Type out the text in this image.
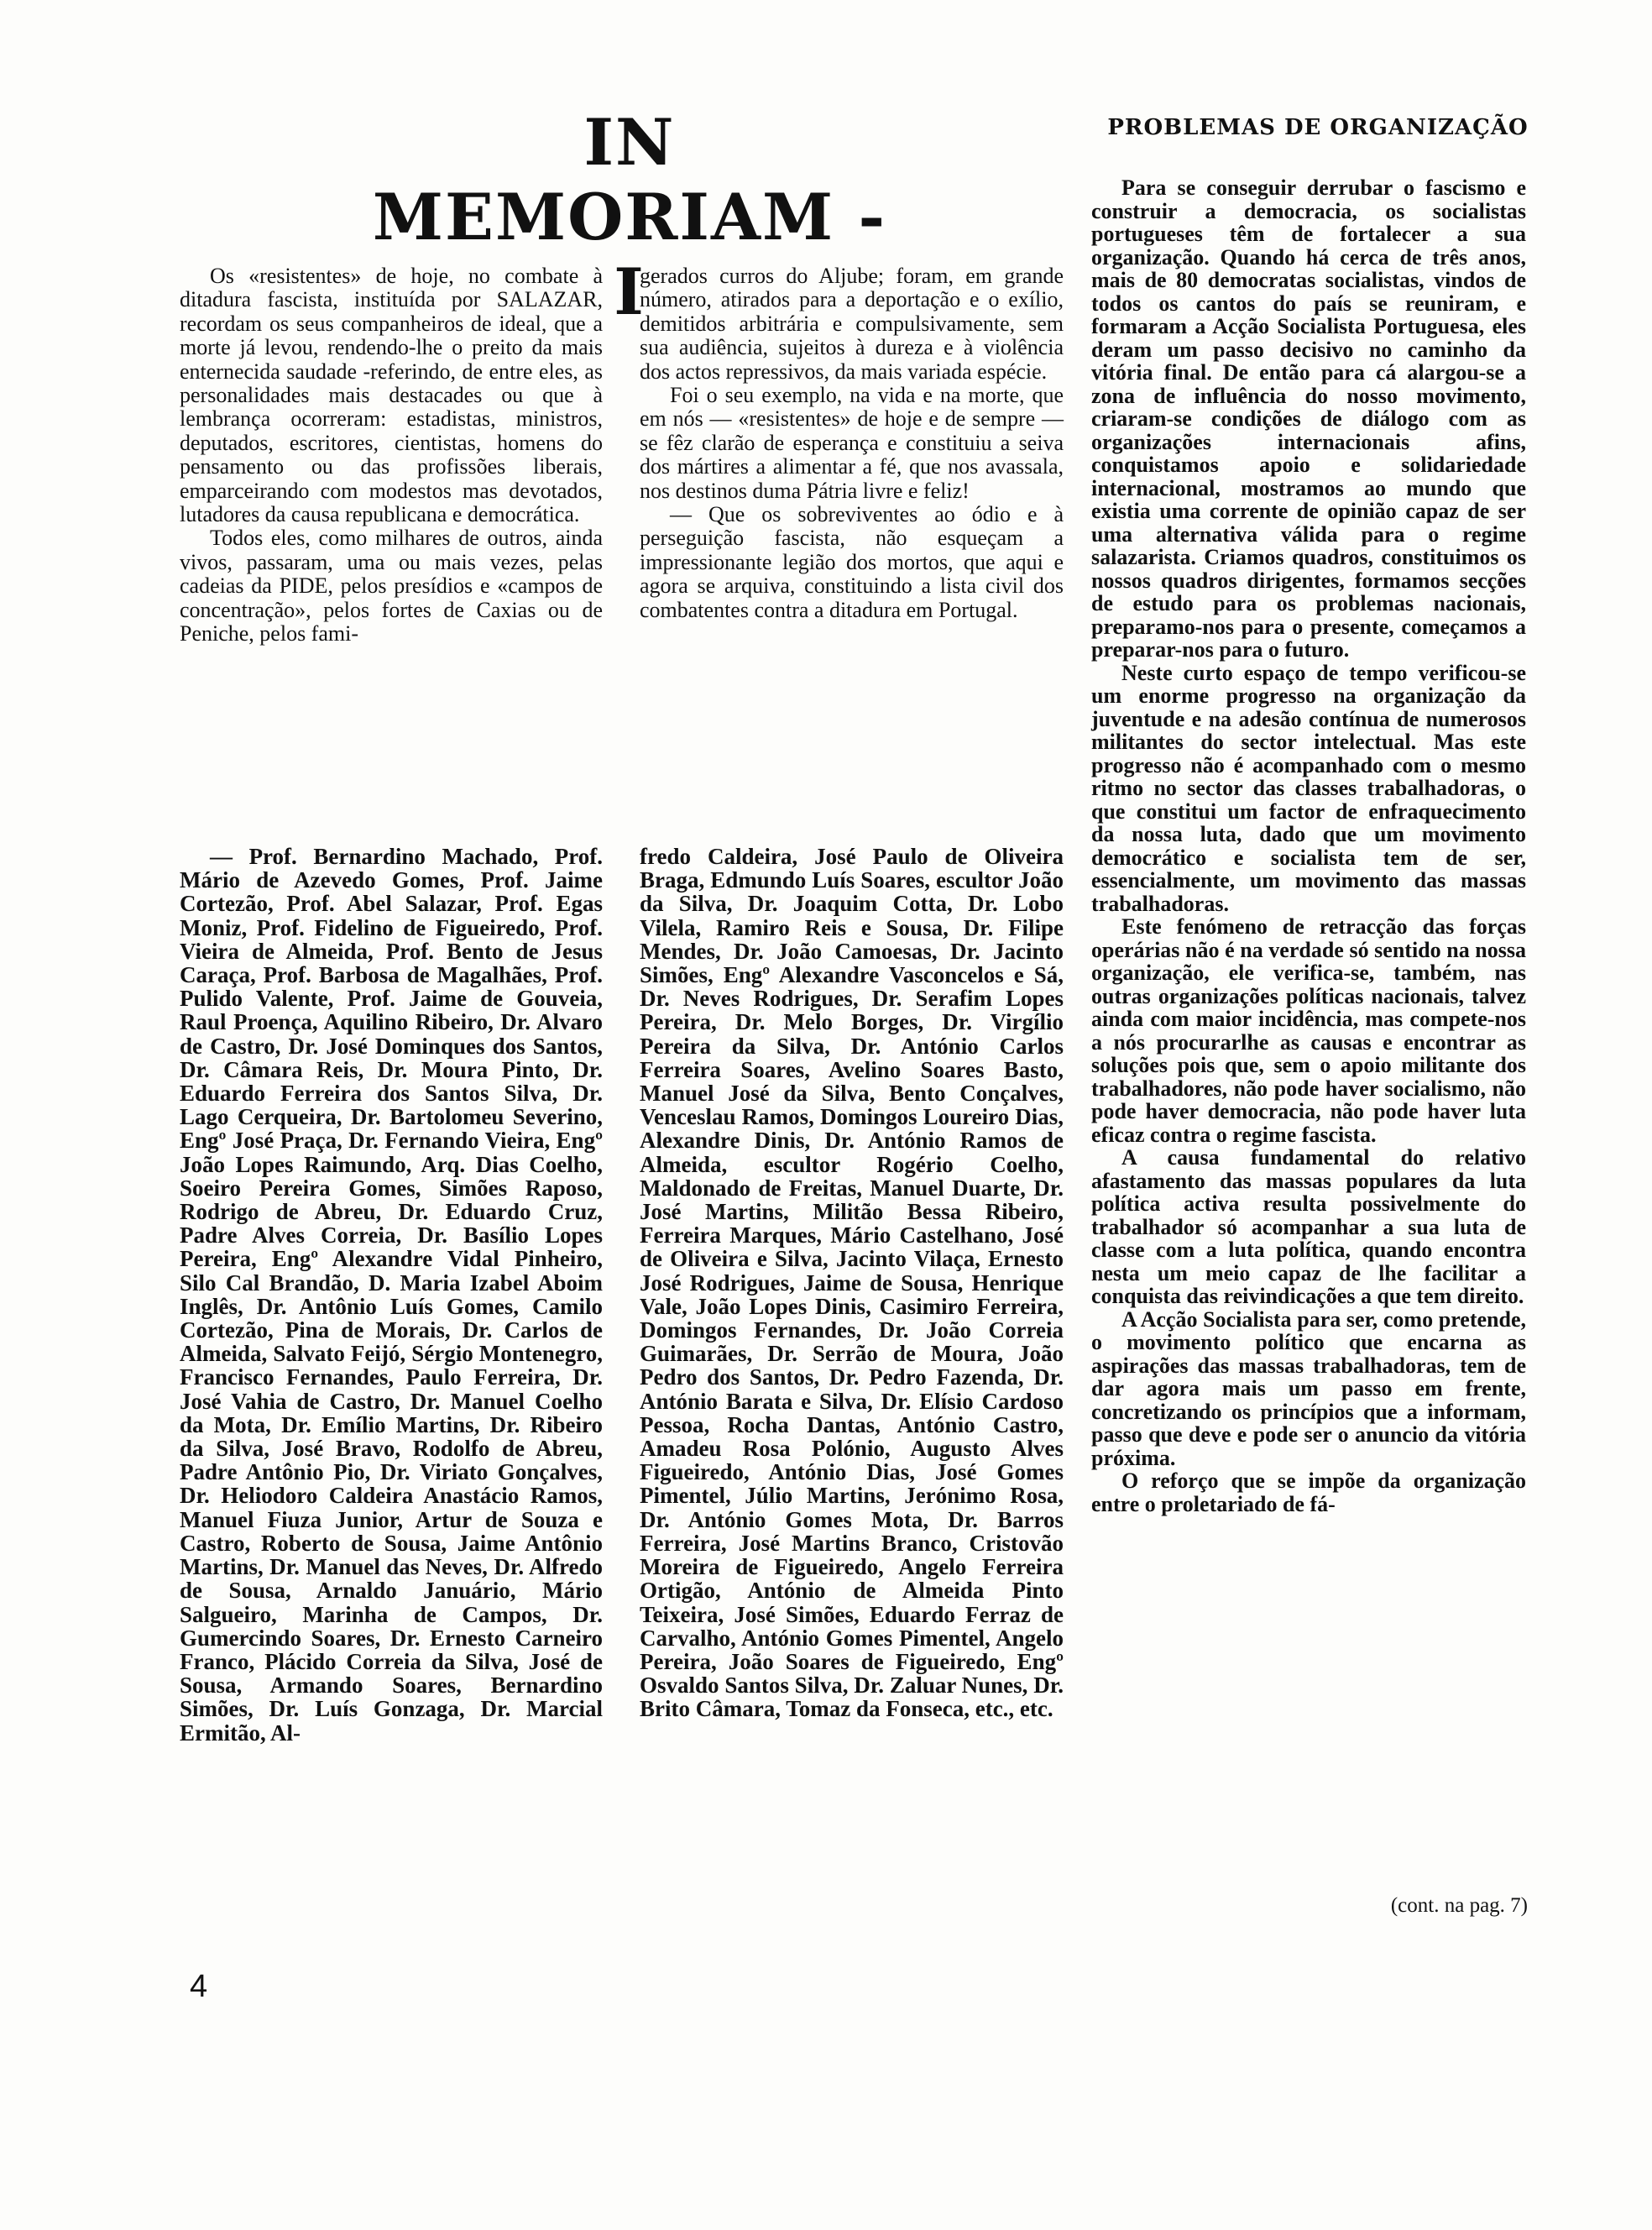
IN MEMORIAM - I
PROBLEMAS DE ORGANIZAÇÃO

Os «resistentes» de hoje, no combate à ditadura fascista, instituída por SALAZAR, recordam os seus companheiros de ideal, que a morte já levou, rendendo-lhe o preito da mais enternecida saudade -referindo, de entre eles, as personalidades mais destacades ou que à lembrança ocorreram: estadistas, ministros, deputados, escritores, cientistas, homens do pensamento ou das profissões liberais, emparceirando com modestos mas devotados, lutadores da causa republicana e democrática.

Todos eles, como milhares de outros, ainda vivos, passaram, uma ou mais vezes, pelas cadeias da PIDE, pelos presídios e «campos de concentração», pelos fortes de Caxias ou de Peniche, pelos fami-

gerados curros do Aljube; foram, em grande número, atirados para a deportação e o exílio, demitidos arbitrária e compulsivamente, sem sua audiência, sujeitos à dureza e à violência dos actos repressivos, da mais variada espécie.

Foi o seu exemplo, na vida e na morte, que em nós — «resistentes» de hoje e de sempre — se fêz clarão de esperança e constituiu a seiva dos mártires a alimentar a fé, que nos avassala, nos destinos duma Pátria livre e feliz!

— Que os sobreviventes ao ódio e à perseguição fascista, não esqueçam a impressionante legião dos mortos, que aqui e agora se arquiva, constituindo a lista civil dos combatentes contra a ditadura em Portugal.

— Prof. Bernardino Machado, Prof. Mário de Azevedo Gomes, Prof. Jaime Cortezão, Prof. Abel Salazar, Prof. Egas Moniz, Prof. Fidelino de Figueiredo, Prof. Vieira de Almeida, Prof. Bento de Jesus Caraça, Prof. Barbosa de Magalhães, Prof. Pulido Valente, Prof. Jaime de Gouveia, Raul Proença, Aquilino Ribeiro, Dr. Alvaro de Castro, Dr. José Dominques dos Santos, Dr. Câmara Reis, Dr. Moura Pinto, Dr. Eduardo Ferreira dos Santos Silva, Dr. Lago Cerqueira, Dr. Bartolomeu Severino, Engº José Praça, Dr. Fernando Vieira, Engº João Lopes Raimundo, Arq. Dias Coelho, Soeiro Pereira Gomes, Simões Raposo, Rodrigo de Abreu, Dr. Eduardo Cruz, Padre Alves Correia, Dr. Basílio Lopes Pereira, Engº Alexandre Vidal Pinheiro, Silo Cal Brandão, D. Maria Izabel Aboim Inglês, Dr. Antônio Luís Gomes, Camilo Cortezão, Pina de Morais, Dr. Carlos de Almeida, Salvato Feijó, Sérgio Montenegro, Francisco Fernandes, Paulo Ferreira, Dr. José Vahia de Castro, Dr. Manuel Coelho da Mota, Dr. Emílio Martins, Dr. Ribeiro da Silva, José Bravo, Rodolfo de Abreu, Padre Antônio Pio, Dr. Viriato Gonçalves, Dr. Heliodoro Caldeira Anastácio Ramos, Manuel Fiuza Junior, Artur de Souza e Castro, Roberto de Sousa, Jaime Antônio Martins, Dr. Manuel das Neves, Dr. Alfredo de Sousa, Arnaldo Januário, Mário Salgueiro, Marinha de Campos, Dr. Gumercindo Soares, Dr. Ernesto Carneiro Franco, Plácido Correia da Silva, José de Sousa, Armando Soares, Bernardino Simões, Dr. Luís Gonzaga, Dr. Marcial Ermitão, Al-

fredo Caldeira, José Paulo de Oliveira Braga, Edmundo Luís Soares, escultor João da Silva, Dr. Joaquim Cotta, Dr. Lobo Vilela, Ramiro Reis e Sousa, Dr. Filipe Mendes, Dr. João Camoesas, Dr. Jacinto Simões, Engº Alexandre Vasconcelos e Sá, Dr. Neves Rodrigues, Dr. Serafim Lopes Pereira, Dr. Melo Borges, Dr. Virgílio Pereira da Silva, Dr. António Carlos Ferreira Soares, Avelino Soares Basto, Manuel José da Silva, Bento Conçalves, Venceslau Ramos, Domingos Loureiro Dias, Alexandre Dinis, Dr. António Ramos de Almeida, escultor Rogério Coelho, Maldonado de Freitas, Manuel Duarte, Dr. José Martins, Militão Bessa Ribeiro, Ferreira Marques, Mário Castelhano, José de Oliveira e Silva, Jacinto Vilaça, Ernesto José Rodrigues, Jaime de Sousa, Henrique Vale, João Lopes Dinis, Casimiro Ferreira, Domingos Fernandes, Dr. João Correia Guimarães, Dr. Serrão de Moura, João Pedro dos Santos, Dr. Pedro Fazenda, Dr. António Barata e Silva, Dr. Elísio Cardoso Pessoa, Rocha Dantas, António Castro, Amadeu Rosa Polónio, Augusto Alves Figueiredo, António Dias, José Gomes Pimentel, Júlio Martins, Jerónimo Rosa, Dr. António Gomes Mota, Dr. Barros Ferreira, José Martins Branco, Cristovão Moreira de Figueiredo, Angelo Ferreira Ortigão, António de Almeida Pinto Teixeira, José Simões, Eduardo Ferraz de Carvalho, António Gomes Pimentel, Angelo Pereira, João Soares de Figueiredo, Engº Osvaldo Santos Silva, Dr. Zaluar Nunes, Dr. Brito Câmara, Tomaz da Fonseca, etc., etc.

Para se conseguir derrubar o fascismo e construir a democracia, os socialistas portugueses têm de fortalecer a sua organização. Quando há cerca de três anos, mais de 80 democratas socialistas, vindos de todos os cantos do país se reuniram, e formaram a Acção Socialista Portuguesa, eles deram um passo decisivo no caminho da vitória final. De então para cá alargou-se a zona de influência do nosso movimento, criaram-se condições de diálogo com as organizações internacionais afins, conquistamos apoio e solidariedade internacional, mostramos ao mundo que existia uma corrente de opinião capaz de ser uma alternativa válida para o regime salazarista. Criamos quadros, constituimos os nossos quadros dirigentes, formamos secções de estudo para os problemas nacionais, preparamo-nos para o presente, começamos a preparar-nos para o futuro.

Neste curto espaço de tempo verificou-se um enorme progresso na organização da juventude e na adesão contínua de numerosos militantes do sector intelectual. Mas este progresso não é acompanhado com o mesmo ritmo no sector das classes trabalhadoras, o que constitui um factor de enfraquecimento da nossa luta, dado que um movimento democrático e socialista tem de ser, essencialmente, um movimento das massas trabalhadoras.

Este fenómeno de retracção das forças operárias não é na verdade só sentido na nossa organização, ele verifica-se, também, nas outras organizações políticas nacionais, talvez ainda com maior incidência, mas compete-nos a nós procurarlhe as causas e encontrar as soluções pois que, sem o apoio militante dos trabalhadores, não pode haver socialismo, não pode haver democracia, não pode haver luta eficaz contra o regime fascista.

A causa fundamental do relativo afastamento das massas populares da luta política activa resulta possivelmente do trabalhador só acompanhar a sua luta de classe com a luta política, quando encontra nesta um meio capaz de lhe facilitar a conquista das reivindicações a que tem direito.

A Acção Socialista para ser, como pretende, o movimento político que encarna as aspirações das massas trabalhadoras, tem de dar agora mais um passo em frente, concretizando os princípios que a informam, passo que deve e pode ser o anuncio da vitória próxima.

O reforço que se impõe da organização entre o proletariado de fá-

(cont. na pag. 7)
4
